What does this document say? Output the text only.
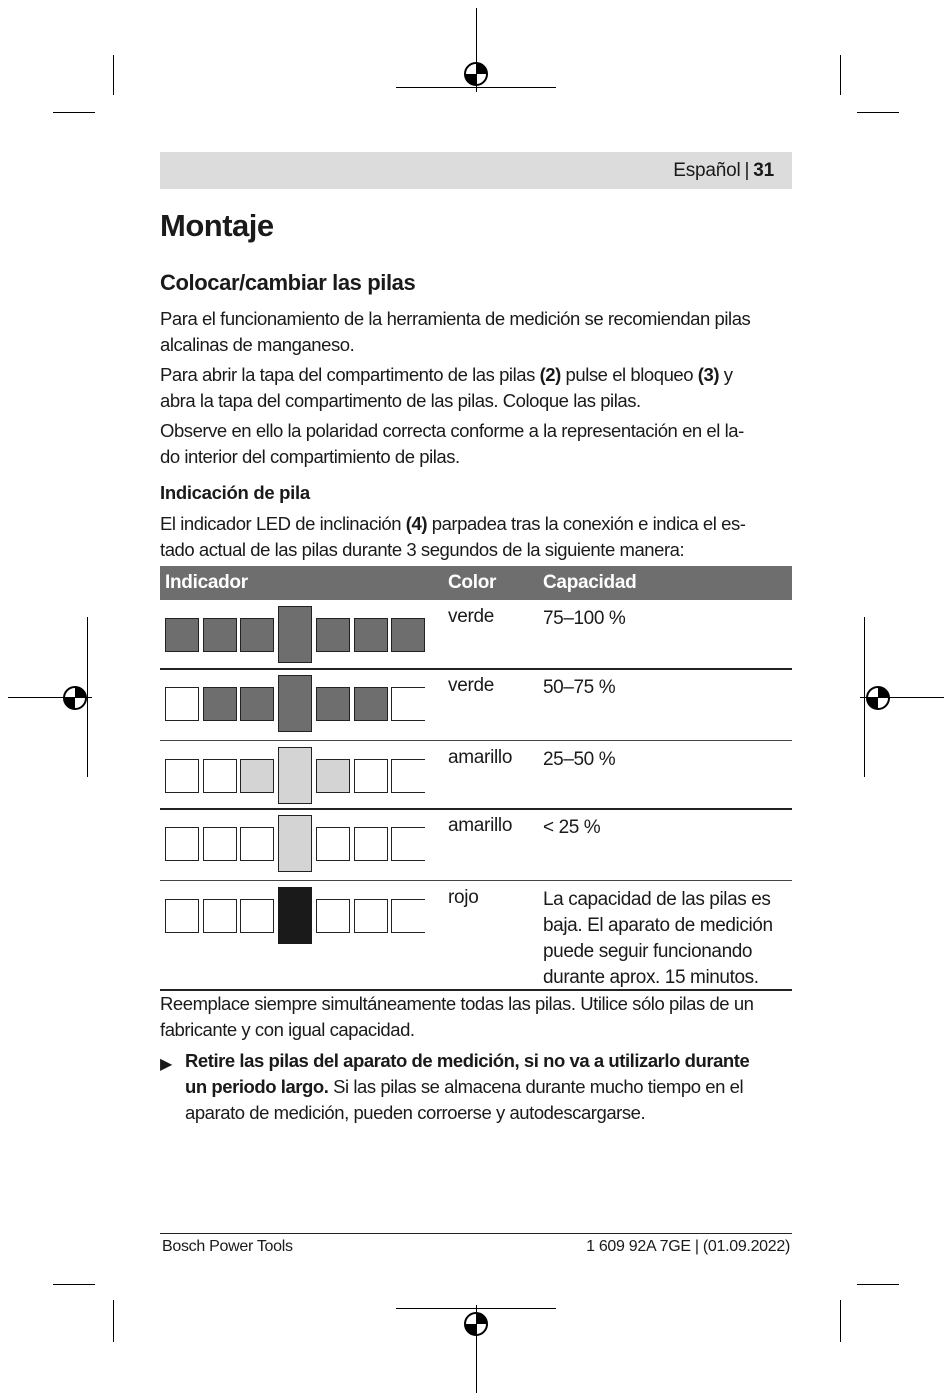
Español | 31
Montaje
Colocar/cambiar las pilas
Para el funcionamiento de la herramienta de medición se recomiendan pilas
alcalinas de manganeso.
Para abrir la tapa del compartimento de las pilas (2) pulse el bloqueo (3) y
abra la tapa del compartimento de las pilas. Coloque las pilas.
Observe en ello la polaridad correcta conforme a la representación en el la-
do interior del compartimiento de pilas.
Indicación de pila
El indicador LED de inclinación (4) parpadea tras la conexión e indica el es-
tado actual de las pilas durante 3 segundos de la siguiente manera:
Indicador	Color Capacidad
verde	75–100 %
verde	50–75 %
amarillo 25–50 %
amarillo < 25 %
rojo	La capacidad de las pilas es
baja. El aparato de medición
puede seguir funcionando
durante aprox. 15 minutos.
Reemplace siempre simultáneamente todas las pilas. Utilice sólo pilas de un
fabricante y con igual capacidad.
▶ Retire las pilas del aparato de medición, si no va a utilizarlo durante
un periodo largo. Si las pilas se almacena durante mucho tiempo en el
aparato de medición, pueden corroerse y autodescargarse.
Bosch Power Tools	1 609 92A 7GE | (01.09.2022)
